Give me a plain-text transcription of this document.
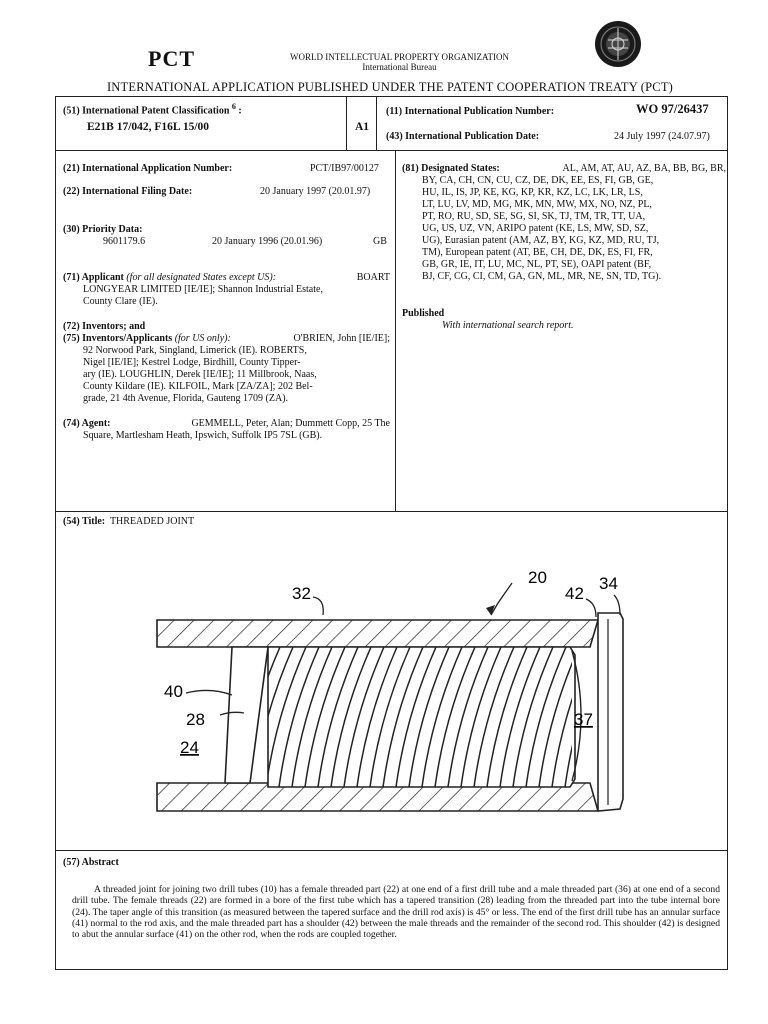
PCT	WORLD INTELLECTUAL PROPERTY ORGANIZATION
International Bureau
INTERNATIONAL APPLICATION PUBLISHED UNDER THE PATENT COOPERATION TREATY (PCT)
(51) International Patent Classification $^6$ :
E21B 17/042, F16L 15/00	A1
(11) International Publication Number:	WO 97/26437
(43) International Publication Date:	24 July 1997 (24.07.97)
(21) International Application Number:	PCT/IB97/00127
(22) International Filing Date:	20 January 1997 (20.01.97)
(30) Priority Data:
9601179.6	20 January 1996 (20.01.96)	GB
(71) Applicant (for all designated States except US):	BOART
LONGYEAR LIMITED [IE/IE]; Shannon Industrial Estate,
County Clare (IE).
(72) Inventors; and
(75) Inventors/Applicants (for US only):	O'BRIEN, John [IE/IE];
92 Norwood Park, Singland, Limerick (IE). ROBERTS,
Nigel [IE/IE]; Kestrel Lodge, Birdhill, County Tipper-
ary (IE). LOUGHLIN, Derek [IE/IE]; 11 Millbrook, Naas,
County Kildare (IE). KILFOIL, Mark [ZA/ZA]; 202 Bel-
grade, 21 4th Avenue, Florida, Gauteng 1709 (ZA).
(74) Agent:	GEMMELL, Peter, Alan; Dummett Copp, 25 The
Square, Martlesham Heath, Ipswich, Suffolk IP5 7SL (GB).
(81) Designated States:	AL, AM, AT, AU, AZ, BA, BB, BG, BR,
BY, CA, CH, CN, CU, CZ, DE, DK, EE, ES, FI, GB, GE,
HU, IL, IS, JP, KE, KG, KP, KR, KZ, LC, LK, LR, LS,
LT, LU, LV, MD, MG, MK, MN, MW, MX, NO, NZ, PL,
PT, RO, RU, SD, SE, SG, SI, SK, TJ, TM, TR, TT, UA,
UG, US, UZ, VN, ARIPO patent (KE, LS, MW, SD, SZ,
UG), Eurasian patent (AM, AZ, BY, KG, KZ, MD, RU, TJ,
TM), European patent (AT, BE, CH, DE, DK, ES, FI, FR,
GB, GR, IE, IT, LU, MC, NL, PT, SE), OAPI patent (BF,
BJ, CF, CG, CI, CM, GA, GN, ML, MR, NE, SN, TD, TG).
Published
With international search report.
(54) Title: THREADED JOINT
32
20
42
34
40
28
24
37
(57) Abstract
A threaded joint for joining two drill tubes (10) has a female threaded part (22) at one end of a first drill tube and a male threaded part (36) at one end of a second drill tube. The female threads (22) are formed in a bore of the first tube which has a tapered transition (28) leading from the threaded part into the tube internal bore (24). The taper angle of this transition (as measured between the tapered surface and the drill rod axis) is 45° or less. The end of the first drill tube has an annular surface (41) normal to the rod axis, and the male threaded part has a shoulder (42) between the male threads and the remainder of the second rod. This shoulder (42) is designed to abut the annular surface (41) on the other rod, when the rods are coupled together.
